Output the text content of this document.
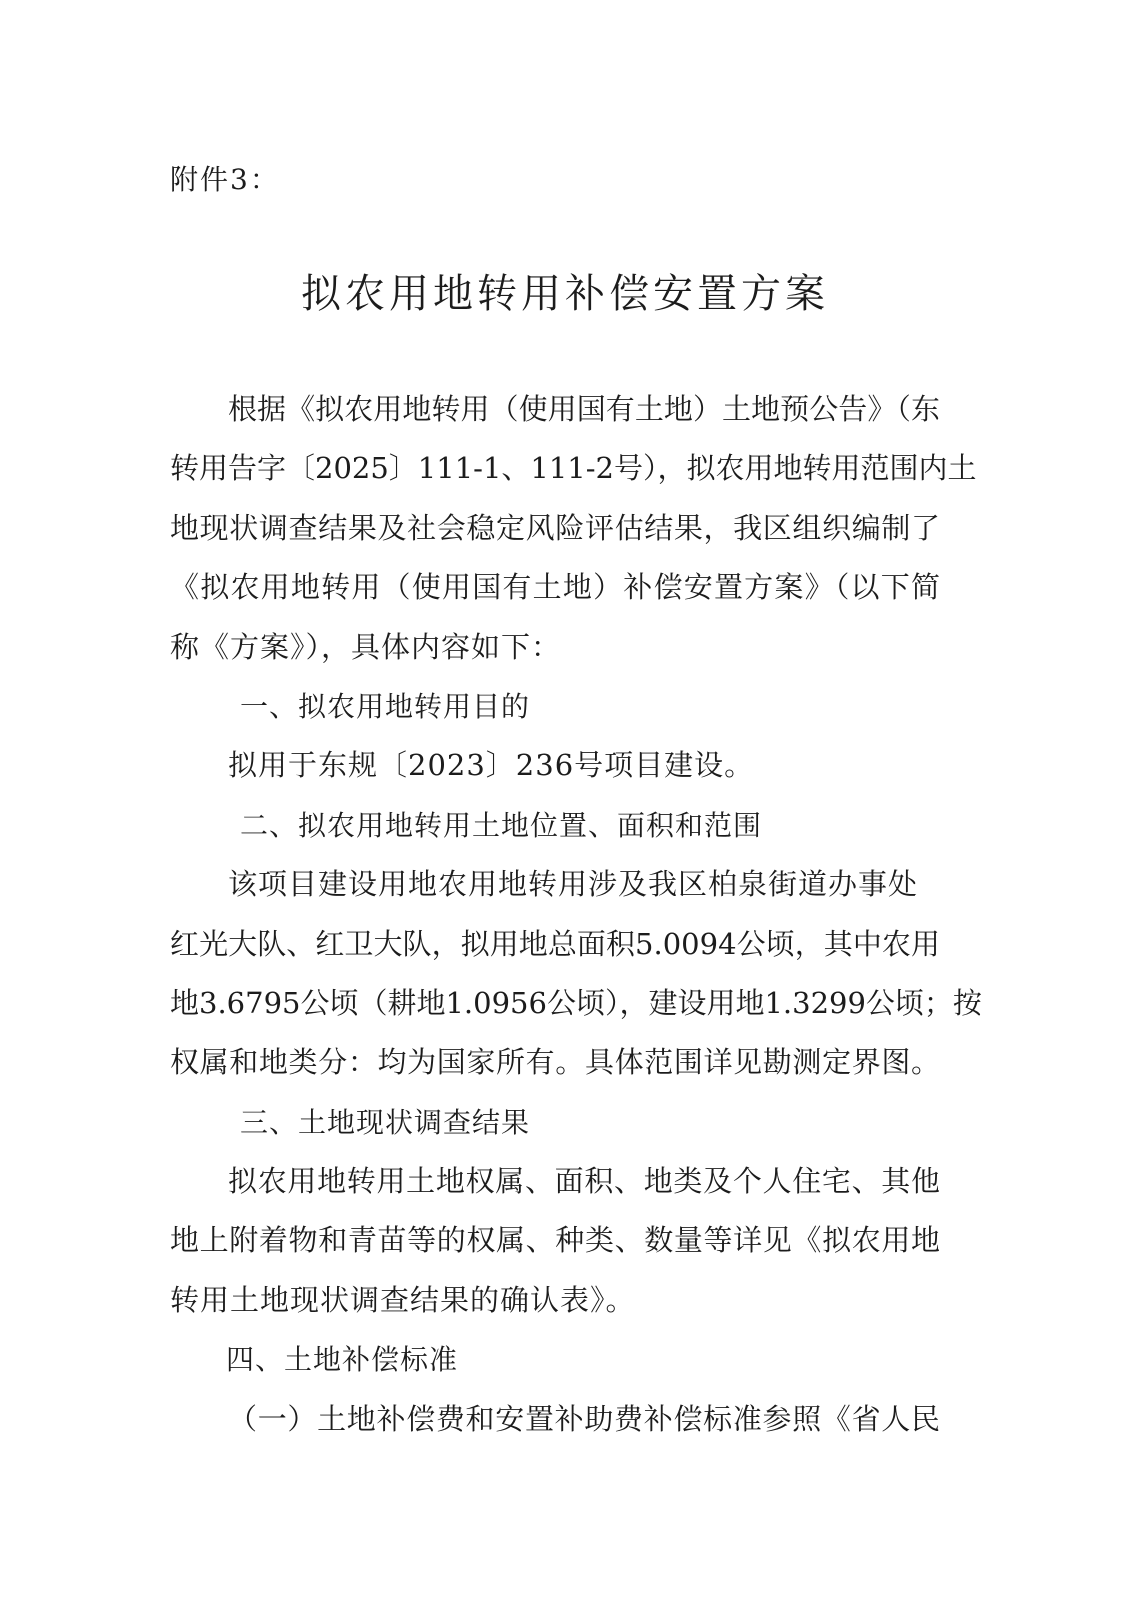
附件3：

拟农用地转用补偿安置方案
根据《拟农用地转用（使用国有土地）土地预公告》（东
转用告字〔2025〕111-1、111-2号），拟农用地转用范围内土
地现状调查结果及社会稳定风险评估结果，我区组织编制了
《拟农用地转用（使用国有土地）补偿安置方案》（以下简
称《方案》），具体内容如下：
一、拟农用地转用目的
拟用于东规〔2023〕236号项目建设。
二、拟农用地转用土地位置、面积和范围
该项目建设用地农用地转用涉及我区柏泉街道办事处
红光大队、红卫大队，拟用地总面积5.0094公顷，其中农用
地3.6795公顷（耕地1.0956公顷），建设用地1.3299公顷；按
权属和地类分：均为国家所有。具体范围详见勘测定界图。
三、土地现状调查结果
拟农用地转用土地权属、面积、地类及个人住宅、其他
地上附着物和青苗等的权属、种类、数量等详见《拟农用地
转用土地现状调查结果的确认表》。
四、土地补偿标准
（一）土地补偿费和安置补助费补偿标准参照《省人民
